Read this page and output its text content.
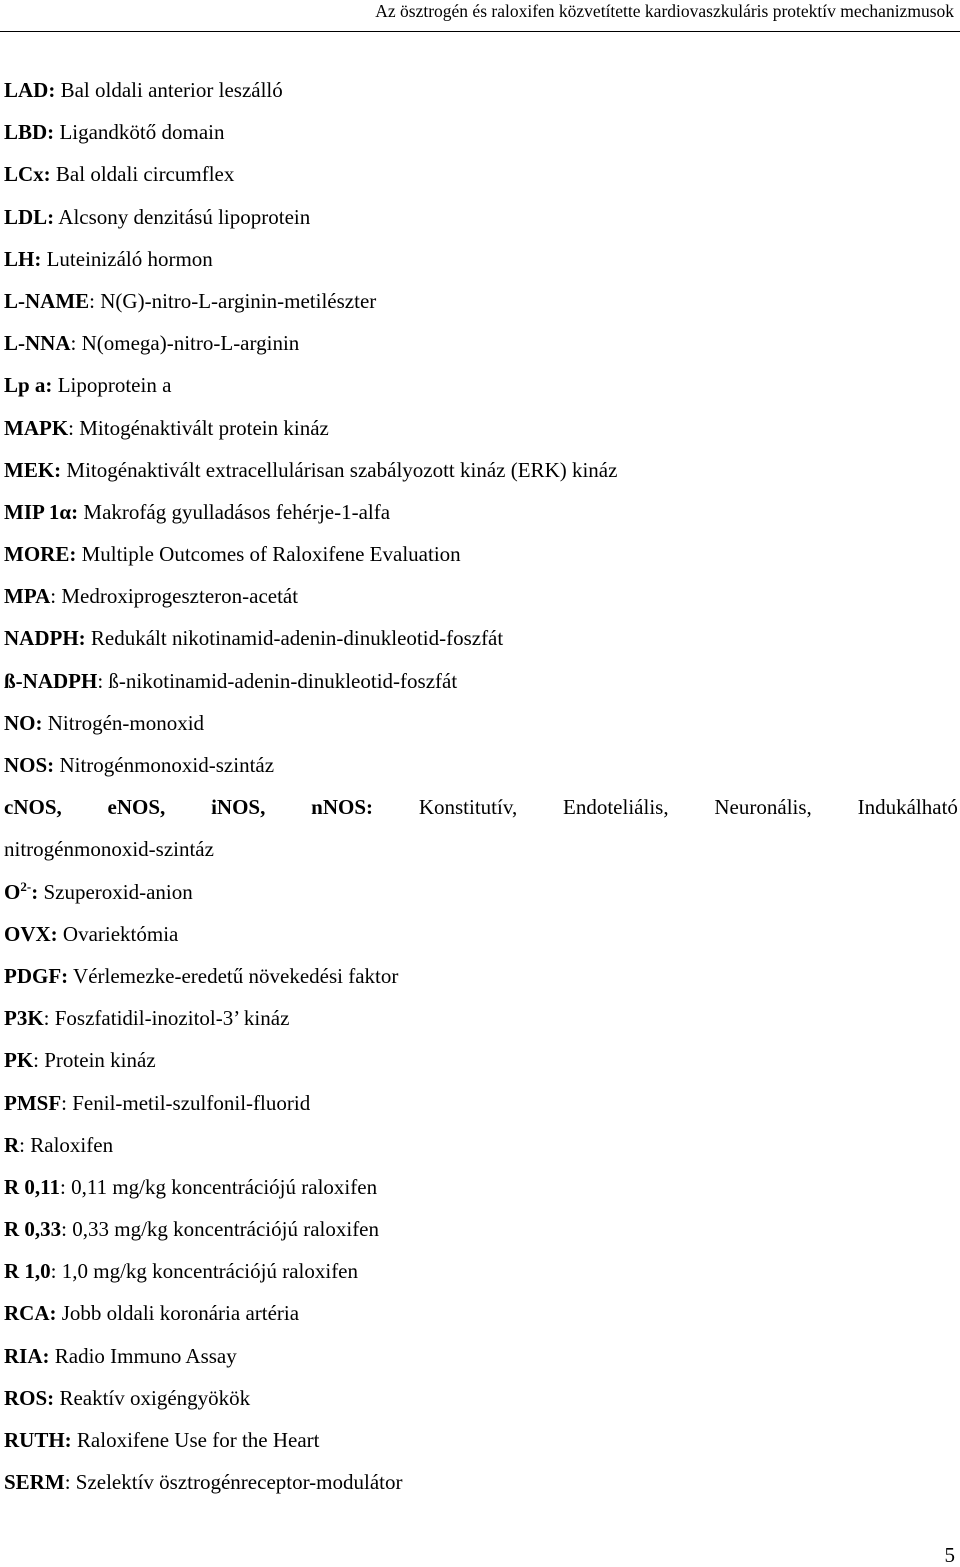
Az ösztrogén és raloxifen közvetítette kardiovaszkuláris protektív mechanizmusok
LAD: Bal oldali anterior leszálló
LBD: Ligandkötő domain
LCx: Bal oldali circumflex
LDL: Alcsony denzitású lipoprotein
LH: Luteinizáló hormon
L-NAME: N(G)-nitro-L-arginin-metilészter
L-NNA: N(omega)-nitro-L-arginin
Lp a: Lipoprotein a
MAPK: Mitogénaktivált protein kináz
MEK: Mitogénaktivált extracellulárisan szabályozott kináz (ERK) kináz
MIP 1α: Makrofág gyulladásos fehérje-1-alfa
MORE: Multiple Outcomes of Raloxifene Evaluation
MPA: Medroxiprogeszteron-acetát
NADPH: Redukált nikotinamid-adenin-dinukleotid-foszfát
ß-NADPH: ß-nikotinamid-adenin-dinukleotid-foszfát
NO: Nitrogén-monoxid
NOS: Nitrogénmonoxid-szintáz
cNOS, eNOS, iNOS, nNOS: Konstitutív, Endoteliális, Neuronális, Indukálható
nitrogénmonoxid-szintáz
$O^{2-}$: Szuperoxid-anion
OVX: Ovariektómia
PDGF: Vérlemezke-eredetű növekedési faktor
P3K: Foszfatidil-inozitol-3’ kináz
PK: Protein kináz
PMSF: Fenil-metil-szulfonil-fluorid
R: Raloxifen
R 0,11: 0,11 mg/kg koncentrációjú raloxifen
R 0,33: 0,33 mg/kg koncentrációjú raloxifen
R 1,0: 1,0 mg/kg koncentrációjú raloxifen
RCA: Jobb oldali koronária artéria
RIA: Radio Immuno Assay
ROS: Reaktív oxigéngyökök
RUTH: Raloxifene Use for the Heart
SERM: Szelektív ösztrogénreceptor-modulátor
5
